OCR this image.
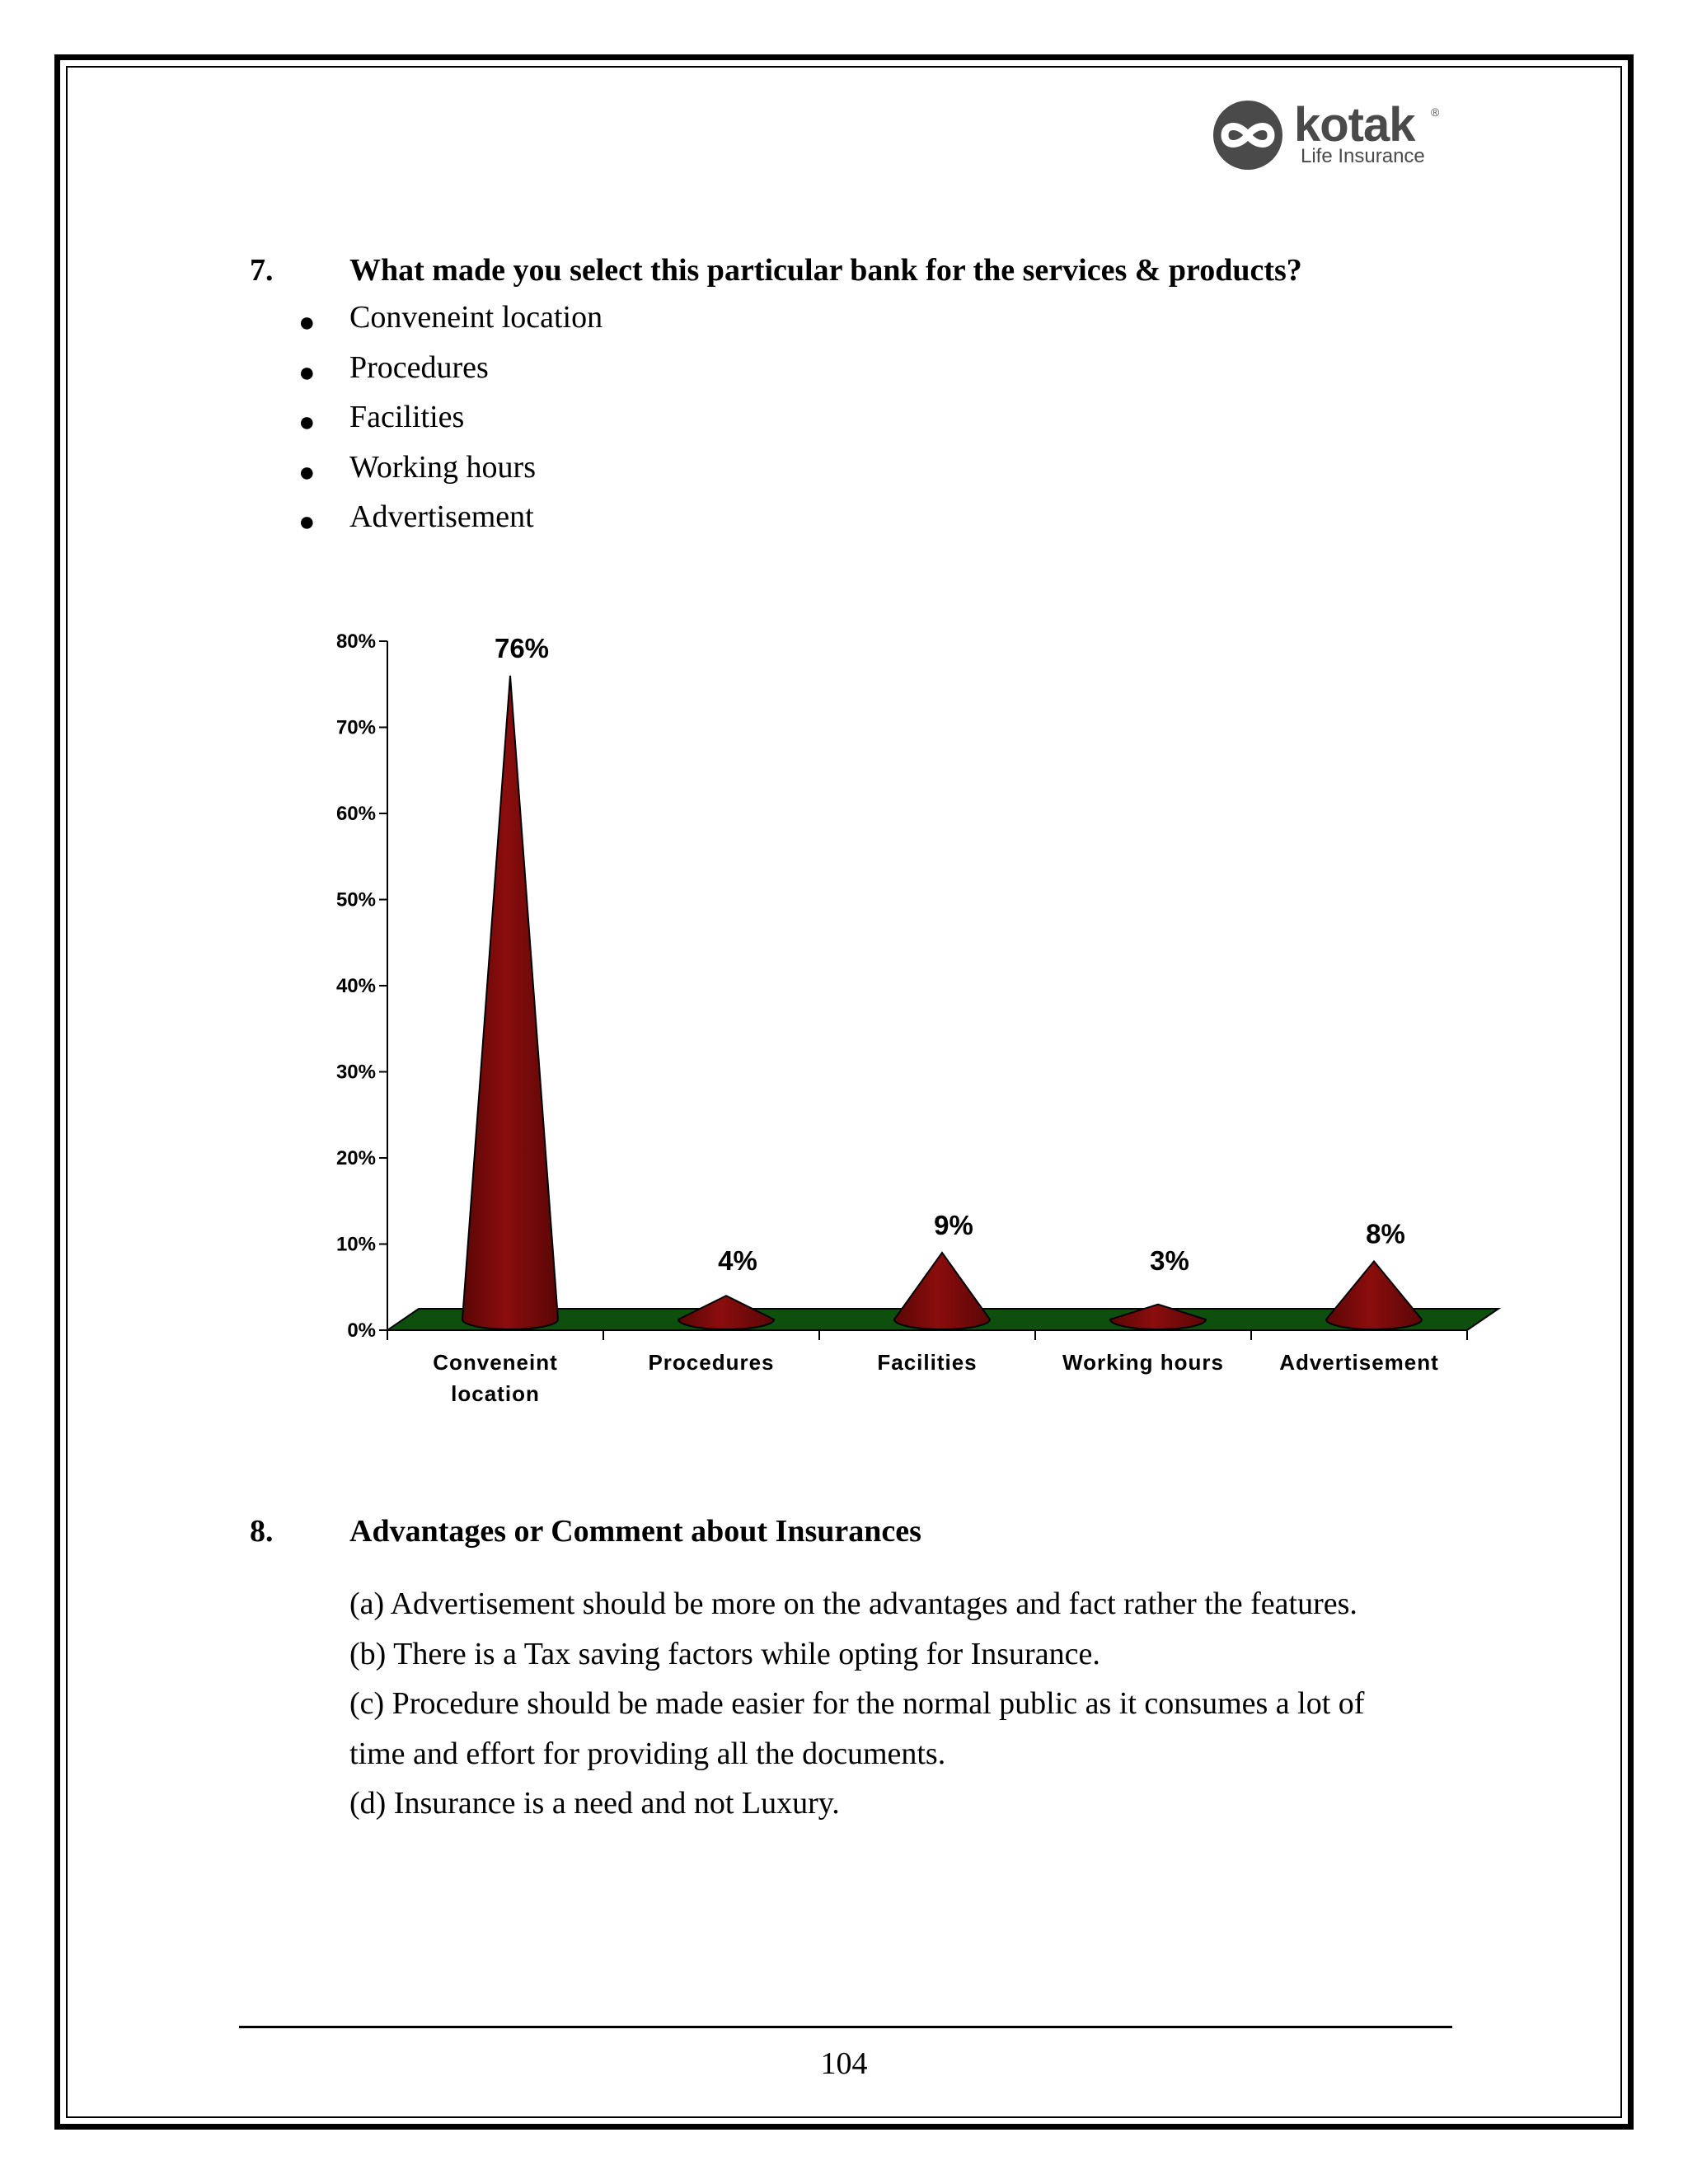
kotak ®
Life Insurance
7. What made you select this particular bank for the services & products?
● Conveneint location
● Procedures
● Facilities
● Working hours
● Advertisement
0%
10%
20%
30%
40%
50%
60%
70%
80%	76%
Conveneint
location
4%
Procedures
9%
Facilities
3%
Working hours
8%
Advertisement
8. Advantages or Comment about Insurances
(a) Advertisement should be more on the advantages and fact rather the features.
(b) There is a Tax saving factors while opting for Insurance.
(c) Procedure should be made easier for the normal public as it consumes a lot of
time and effort for providing all the documents.
(d) Insurance is a need and not Luxury.
104
